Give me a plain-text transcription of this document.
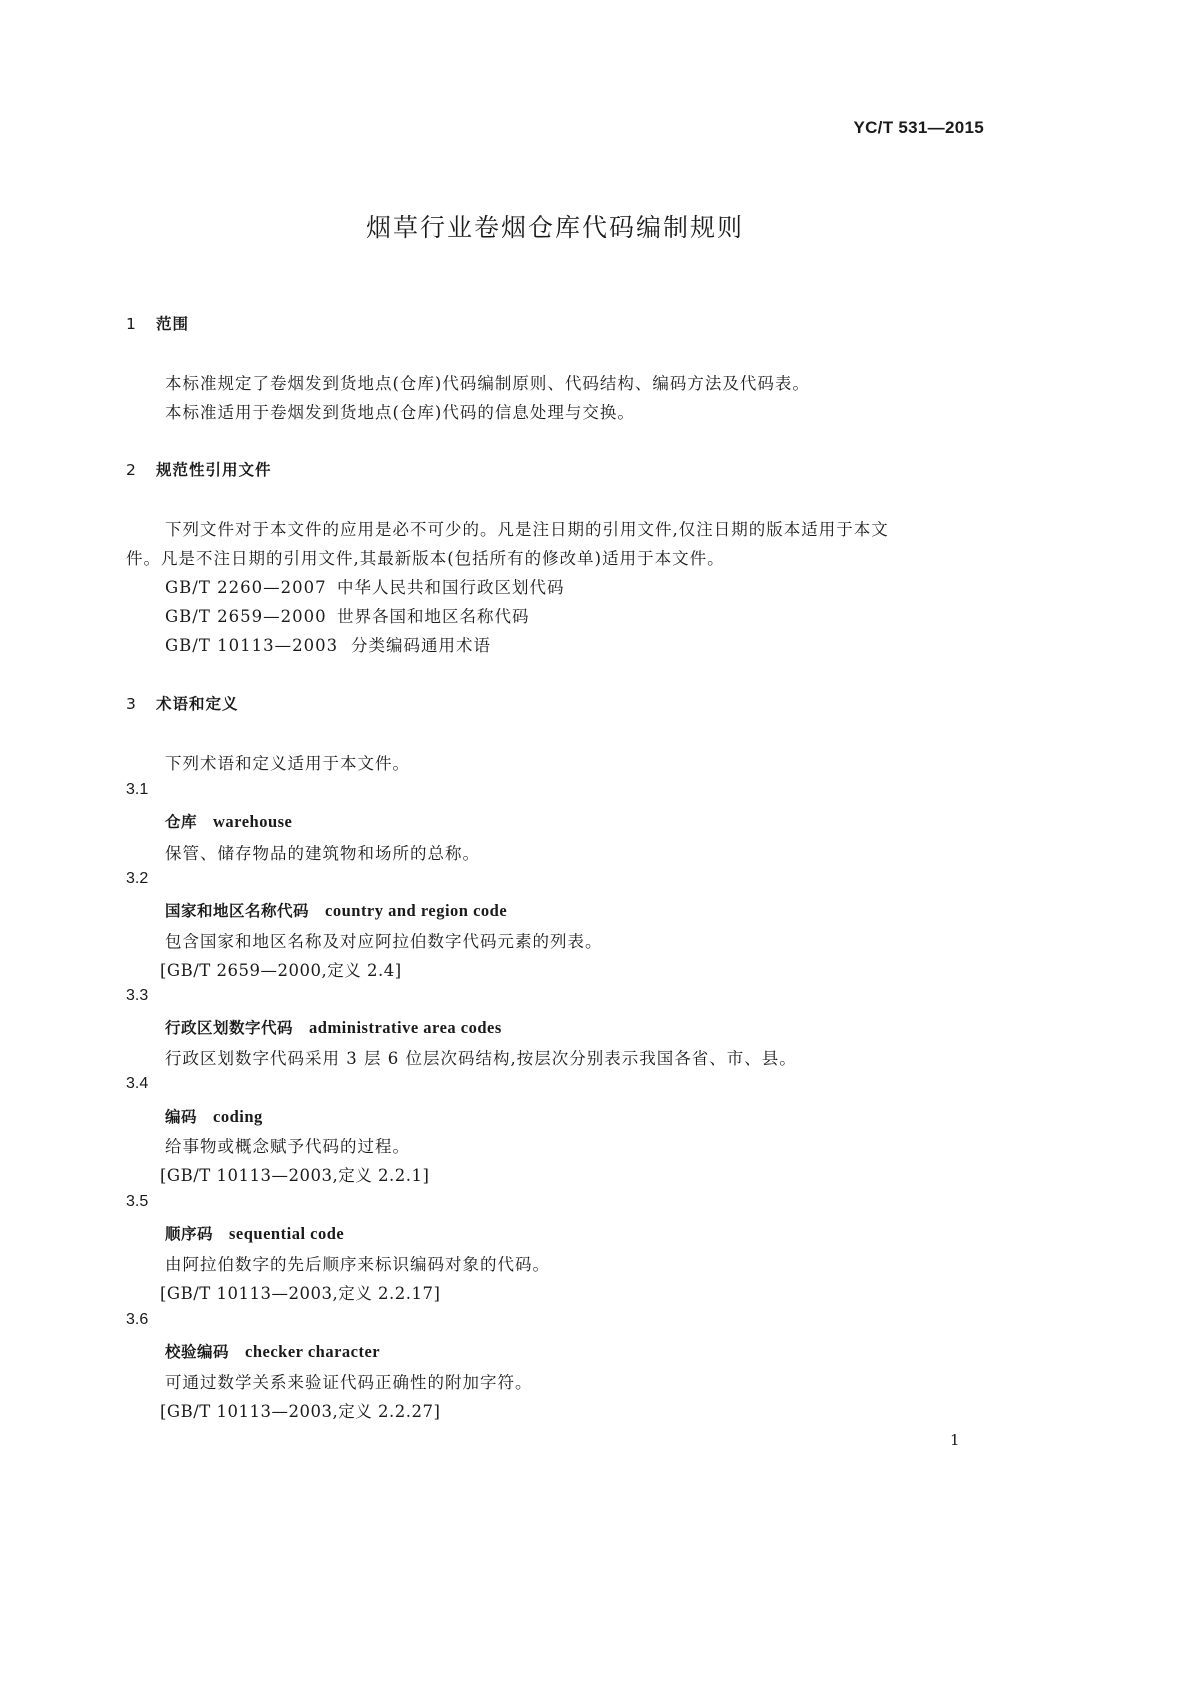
YC/T 531—2015
烟草行业卷烟仓库代码编制规则
1 范围
本标准规定了卷烟发到货地点(仓库)代码编制原则、代码结构、编码方法及代码表。
本标准适用于卷烟发到货地点(仓库)代码的信息处理与交换。
2 规范性引用文件
下列文件对于本文件的应用是必不可少的。凡是注日期的引用文件,仅注日期的版本适用于本文
件。凡是不注日期的引用文件,其最新版本(包括所有的修改单)适用于本文件。
GB/T 2260—2007 中华人民共和国行政区划代码
GB/T 2659—2000 世界各国和地区名称代码
GB/T 10113—2003 分类编码通用术语
3 术语和定义
下列术语和定义适用于本文件。
3.1
仓库 warehouse
保管、储存物品的建筑物和场所的总称。
3.2
国家和地区名称代码 country and region code
包含国家和地区名称及对应阿拉伯数字代码元素的列表。
[GB/T 2659—2000,定义 2.4]
3.3
行政区划数字代码 administrative area codes
行政区划数字代码采用 3 层 6 位层次码结构,按层次分别表示我国各省、市、县。
3.4
编码 coding
给事物或概念赋予代码的过程。
[GB/T 10113—2003,定义 2.2.1]
3.5
顺序码 sequential code
由阿拉伯数字的先后顺序来标识编码对象的代码。
[GB/T 10113—2003,定义 2.2.17]
3.6
校验编码 checker character
可通过数学关系来验证代码正确性的附加字符。
[GB/T 10113—2003,定义 2.2.27]
1
